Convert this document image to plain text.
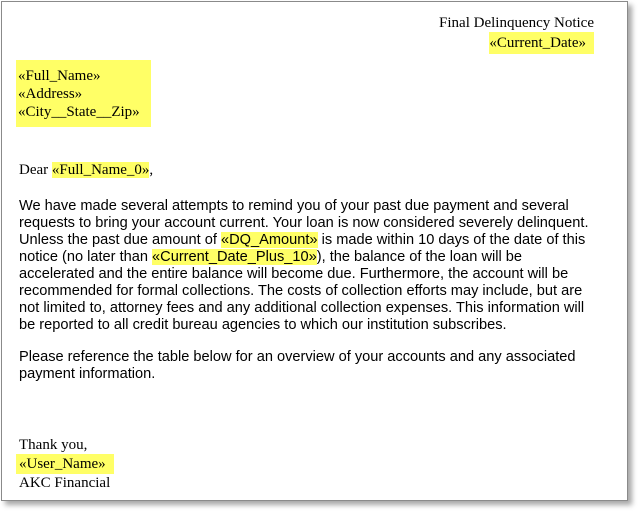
Final Delinquency Notice
«Current_Date»
«Full_Name»
«Address»
«City__State__Zip»
Dear «Full_Name_0»,
We have made several attempts to remind you of your past due payment and several
requests to bring your account current. Your loan is now considered severely delinquent.
Unless the past due amount of «DQ_Amount» is made within 10 days of the date of this
notice (no later than «Current_Date_Plus_10»), the balance of the loan will be
accelerated and the entire balance will become due. Furthermore, the account will be
recommended for formal collections. The costs of collection efforts may include, but are
not limited to, attorney fees and any additional collection expenses. This information will
be reported to all credit bureau agencies to which our institution subscribes.
Please reference the table below for an overview of your accounts and any associated
payment information.
Thank you,
«User_Name»
AKC Financial
